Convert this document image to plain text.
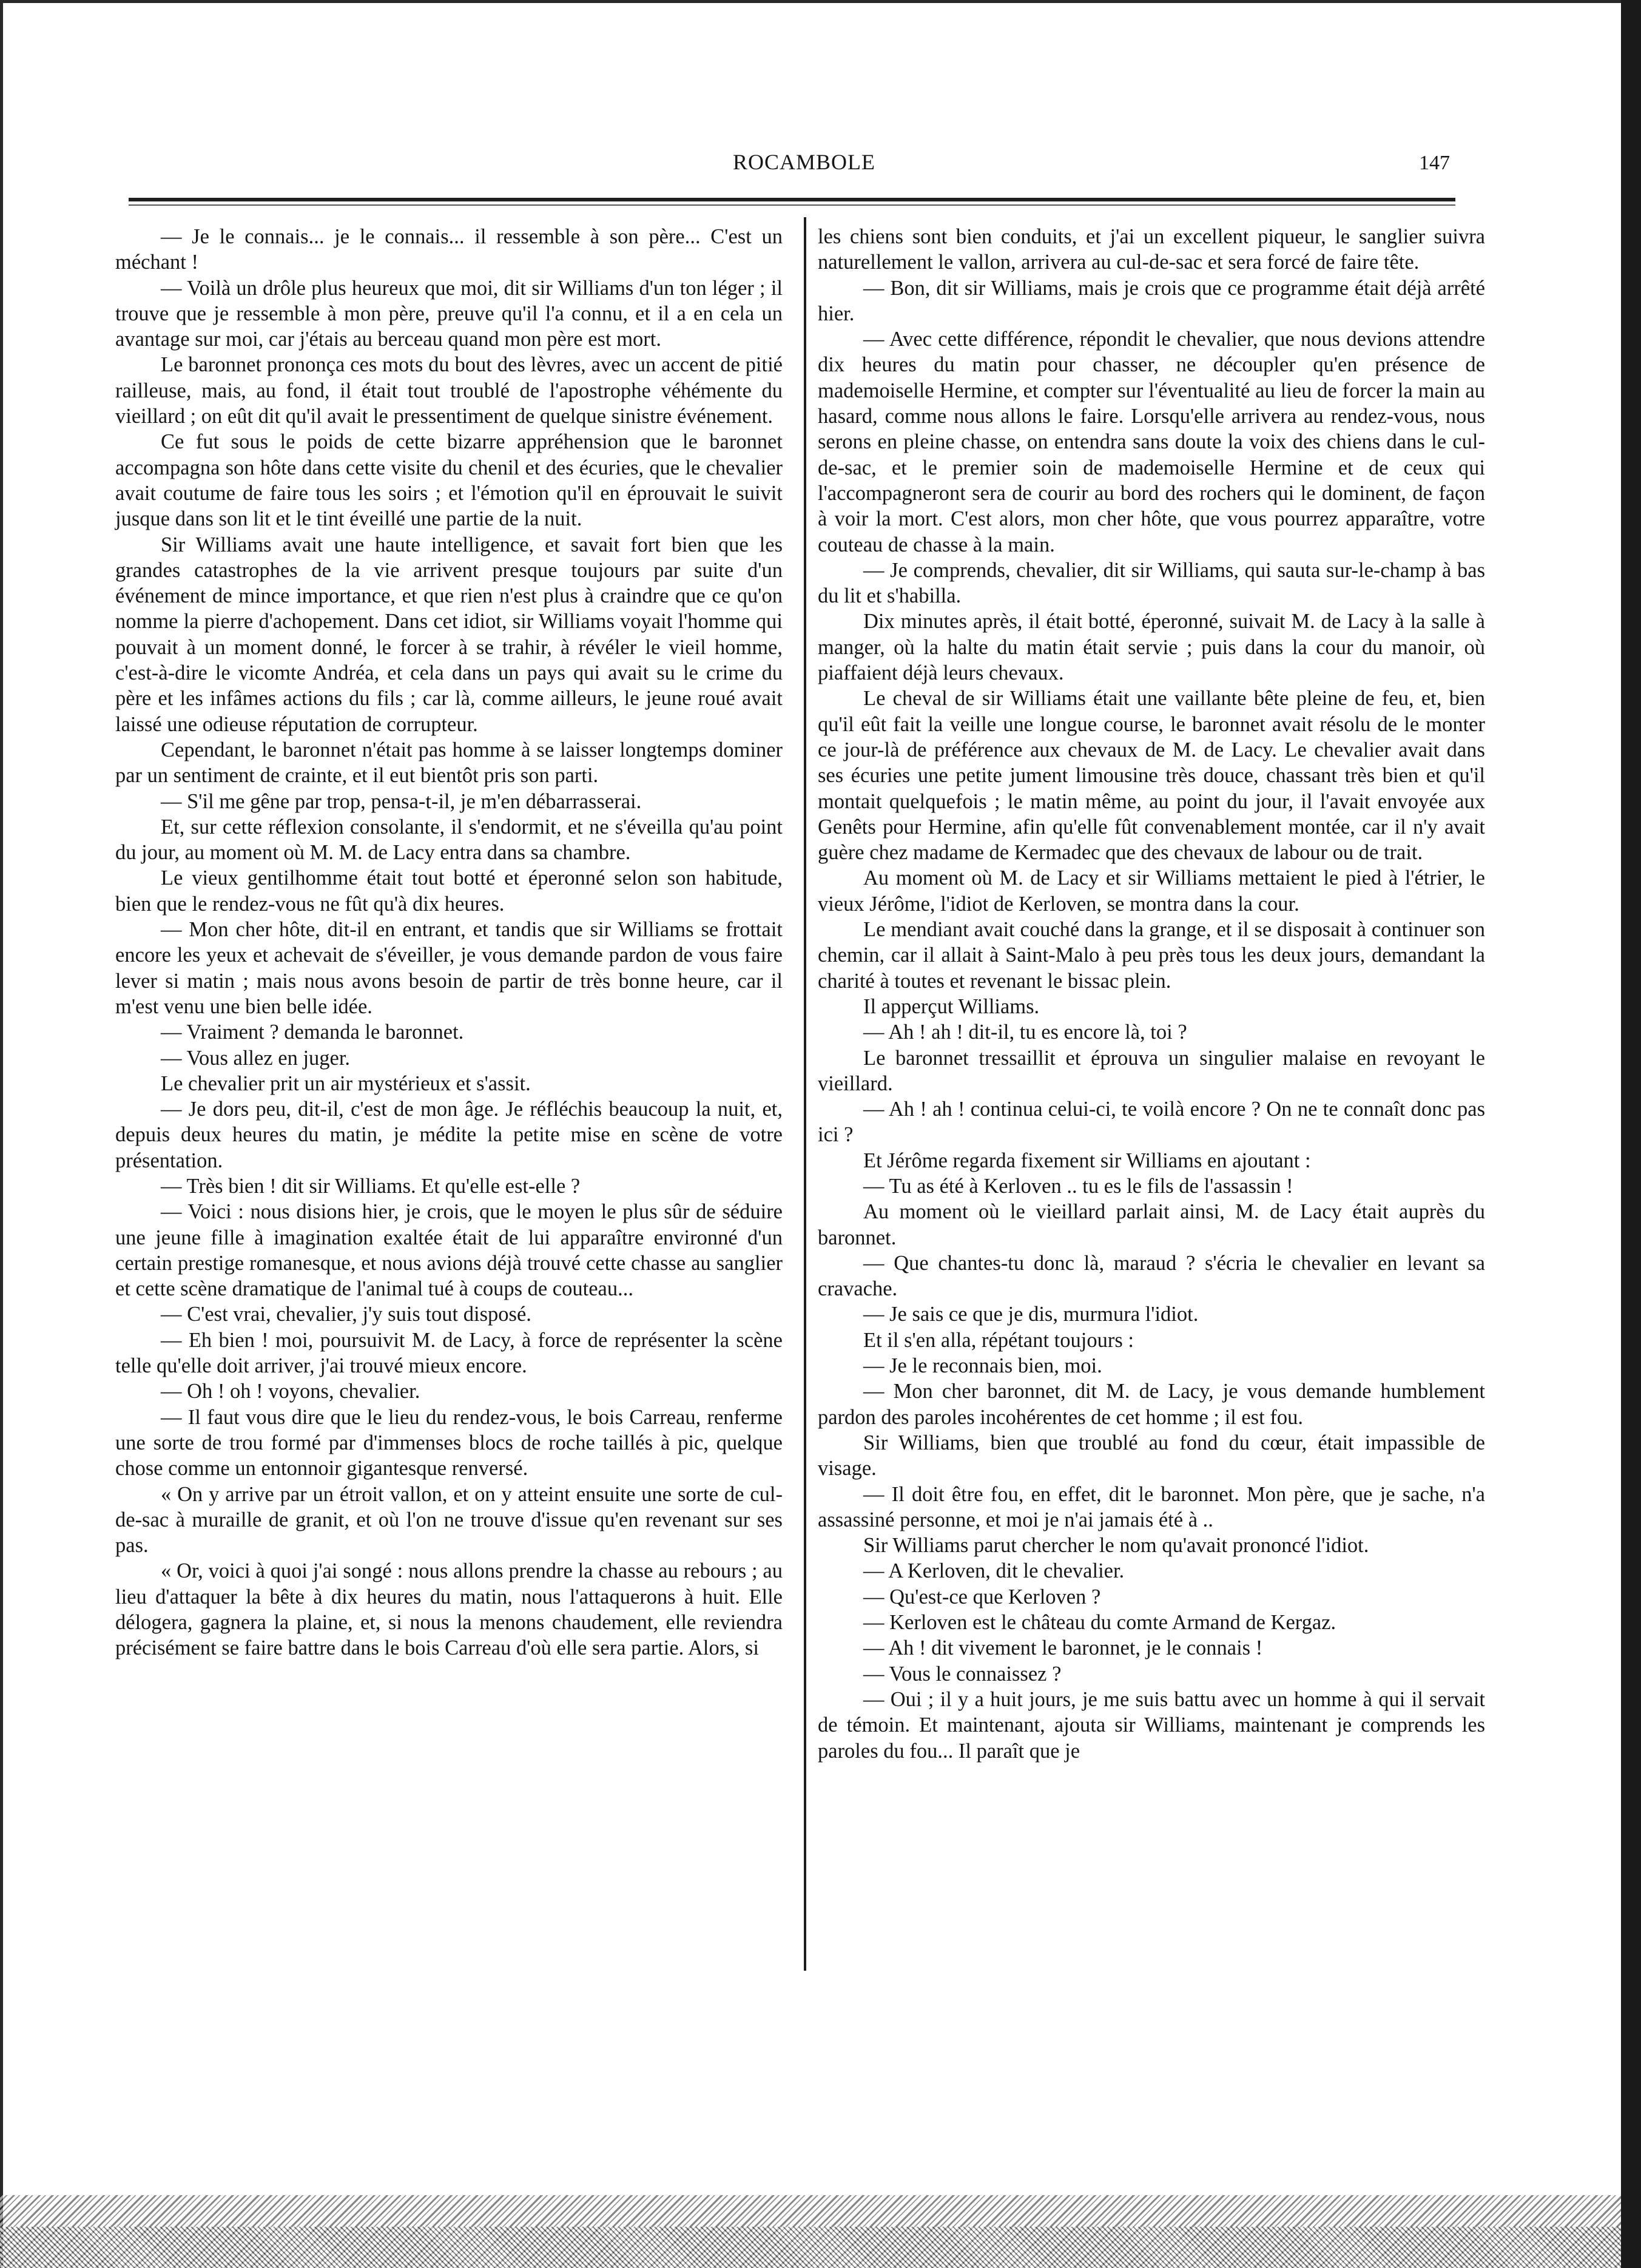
ROCAMBOLE	147

— Je le connais... je le connais... il ressemble à son père... C'est un méchant !

— Voilà un drôle plus heureux que moi, dit sir Williams d'un ton léger ; il trouve que je ressemble à mon père, preuve qu'il l'a connu, et il a en cela un avantage sur moi, car j'étais au berceau quand mon père est mort.

Le baronnet prononça ces mots du bout des lèvres, avec un accent de pitié railleuse, mais, au fond, il était tout troublé de l'apostrophe véhémente du vieillard ; on eût dit qu'il avait le pressentiment de quelque sinistre événement.

Ce fut sous le poids de cette bizarre appréhension que le baronnet accompagna son hôte dans cette visite du chenil et des écuries, que le chevalier avait coutume de faire tous les soirs ; et l'émotion qu'il en éprouvait le suivit jusque dans son lit et le tint éveillé une partie de la nuit.

Sir Williams avait une haute intelligence, et savait fort bien que les grandes catastrophes de la vie arrivent presque toujours par suite d'un événement de mince importance, et que rien n'est plus à craindre que ce qu'on nomme la pierre d'achopement. Dans cet idiot, sir Williams voyait l'homme qui pouvait à un moment donné, le forcer à se trahir, à révéler le vieil homme, c'est-à-dire le vicomte Andréa, et cela dans un pays qui avait su le crime du père et les infâmes actions du fils ; car là, comme ailleurs, le jeune roué avait laissé une odieuse réputation de corrupteur.

Cependant, le baronnet n'était pas homme à se laisser longtemps dominer par un sentiment de crainte, et il eut bientôt pris son parti.

— S'il me gêne par trop, pensa-t-il, je m'en débarrasserai.

Et, sur cette réflexion consolante, il s'endormit, et ne s'éveilla qu'au point du jour, au moment où M. M. de Lacy entra dans sa chambre.

Le vieux gentilhomme était tout botté et éperonné selon son habitude, bien que le rendez-vous ne fût qu'à dix heures.

— Mon cher hôte, dit-il en entrant, et tandis que sir Williams se frottait encore les yeux et achevait de s'éveiller, je vous demande pardon de vous faire lever si matin ; mais nous avons besoin de partir de très bonne heure, car il m'est venu une bien belle idée.

— Vraiment ? demanda le baronnet.

— Vous allez en juger.

Le chevalier prit un air mystérieux et s'assit.

— Je dors peu, dit-il, c'est de mon âge. Je réfléchis beaucoup la nuit, et, depuis deux heures du matin, je médite la petite mise en scène de votre présentation.

— Très bien ! dit sir Williams. Et qu'elle est-elle ?

— Voici : nous disions hier, je crois, que le moyen le plus sûr de séduire une jeune fille à imagination exaltée était de lui apparaître environné d'un certain prestige romanesque, et nous avions déjà trouvé cette chasse au sanglier et cette scène dramatique de l'animal tué à coups de couteau...

— C'est vrai, chevalier, j'y suis tout disposé.

— Eh bien ! moi, poursuivit M. de Lacy, à force de représenter la scène telle qu'elle doit arriver, j'ai trouvé mieux encore.

— Oh ! oh ! voyons, chevalier.

— Il faut vous dire que le lieu du rendez-vous, le bois Carreau, renferme une sorte de trou formé par d'immenses blocs de roche taillés à pic, quelque chose comme un entonnoir gigantesque renversé.

« On y arrive par un étroit vallon, et on y atteint ensuite une sorte de cul-de-sac à muraille de granit, et où l'on ne trouve d'issue qu'en revenant sur ses pas.

« Or, voici à quoi j'ai songé : nous allons prendre la chasse au rebours ; au lieu d'attaquer la bête à dix heures du matin, nous l'attaquerons à huit. Elle délogera, gagnera la plaine, et, si nous la menons chaudement, elle reviendra précisément se faire battre dans le bois Carreau d'où elle sera partie. Alors, si

les chiens sont bien conduits, et j'ai un excellent piqueur, le sanglier suivra naturellement le vallon, arrivera au cul-de-sac et sera forcé de faire tête.

— Bon, dit sir Williams, mais je crois que ce programme était déjà arrêté hier.

— Avec cette différence, répondit le chevalier, que nous devions attendre dix heures du matin pour chasser, ne découpler qu'en présence de mademoiselle Hermine, et compter sur l'éventualité au lieu de forcer la main au hasard, comme nous allons le faire. Lorsqu'elle arrivera au rendez-vous, nous serons en pleine chasse, on entendra sans doute la voix des chiens dans le cul-de-sac, et le premier soin de mademoiselle Hermine et de ceux qui l'accompagneront sera de courir au bord des rochers qui le dominent, de façon à voir la mort. C'est alors, mon cher hôte, que vous pourrez apparaître, votre couteau de chasse à la main.

— Je comprends, chevalier, dit sir Williams, qui sauta sur-le-champ à bas du lit et s'habilla.

Dix minutes après, il était botté, éperonné, suivait M. de Lacy à la salle à manger, où la halte du matin était servie ; puis dans la cour du manoir, où piaffaient déjà leurs chevaux.

Le cheval de sir Williams était une vaillante bête pleine de feu, et, bien qu'il eût fait la veille une longue course, le baronnet avait résolu de le monter ce jour-là de préférence aux chevaux de M. de Lacy. Le chevalier avait dans ses écuries une petite jument limousine très douce, chassant très bien et qu'il montait quelquefois ; le matin même, au point du jour, il l'avait envoyée aux Genêts pour Hermine, afin qu'elle fût convenablement montée, car il n'y avait guère chez madame de Kermadec que des chevaux de labour ou de trait.

Au moment où M. de Lacy et sir Williams mettaient le pied à l'étrier, le vieux Jérôme, l'idiot de Kerloven, se montra dans la cour.

Le mendiant avait couché dans la grange, et il se disposait à continuer son chemin, car il allait à Saint-Malo à peu près tous les deux jours, demandant la charité à toutes et revenant le bissac plein.

Il apperçut Williams.

— Ah ! ah ! dit-il, tu es encore là, toi ?

Le baronnet tressaillit et éprouva un singulier malaise en revoyant le vieillard.

— Ah ! ah ! continua celui-ci, te voilà encore ? On ne te connaît donc pas ici ?

Et Jérôme regarda fixement sir Williams en ajoutant :

— Tu as été à Kerloven .. tu es le fils de l'assassin !

Au moment où le vieillard parlait ainsi, M. de Lacy était auprès du baronnet.

— Que chantes-tu donc là, maraud ? s'écria le chevalier en levant sa cravache.

— Je sais ce que je dis, murmura l'idiot.

Et il s'en alla, répétant toujours :

— Je le reconnais bien, moi.

— Mon cher baronnet, dit M. de Lacy, je vous demande humblement pardon des paroles incohérentes de cet homme ; il est fou.

Sir Williams, bien que troublé au fond du cœur, était impassible de visage.

— Il doit être fou, en effet, dit le baronnet. Mon père, que je sache, n'a assassiné personne, et moi je n'ai jamais été à ..

Sir Williams parut chercher le nom qu'avait prononcé l'idiot.

— A Kerloven, dit le chevalier.

— Qu'est-ce que Kerloven ?

— Kerloven est le château du comte Armand de Kergaz.

— Ah ! dit vivement le baronnet, je le connais !

— Vous le connaissez ?

— Oui ; il y a huit jours, je me suis battu avec un homme à qui il servait de témoin. Et maintenant, ajouta sir Williams, maintenant je comprends les paroles du fou... Il paraît que je
